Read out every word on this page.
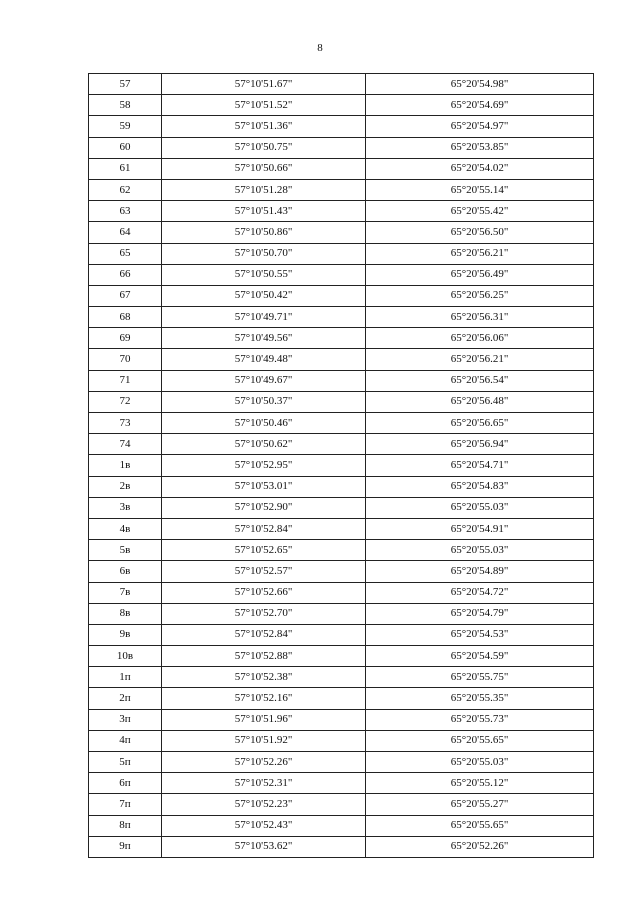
8
57	57°10'51.67"	65°20'54.98"
58	57°10'51.52"	65°20'54.69"
59	57°10'51.36"	65°20'54.97"
60	57°10'50.75"	65°20'53.85"
61	57°10'50.66"	65°20'54.02"
62	57°10'51.28"	65°20'55.14"
63	57°10'51.43"	65°20'55.42"
64	57°10'50.86"	65°20'56.50"
65	57°10'50.70"	65°20'56.21"
66	57°10'50.55"	65°20'56.49"
67	57°10'50.42"	65°20'56.25"
68	57°10'49.71"	65°20'56.31"
69	57°10'49.56"	65°20'56.06"
70	57°10'49.48"	65°20'56.21"
71	57°10'49.67"	65°20'56.54"
72	57°10'50.37"	65°20'56.48"
73	57°10'50.46"	65°20'56.65"
74	57°10'50.62"	65°20'56.94"
1в	57°10'52.95"	65°20'54.71"
2в	57°10'53.01"	65°20'54.83"
3в	57°10'52.90"	65°20'55.03"
4в	57°10'52.84"	65°20'54.91"
5в	57°10'52.65"	65°20'55.03"
6в	57°10'52.57"	65°20'54.89"
7в	57°10'52.66"	65°20'54.72"
8в	57°10'52.70"	65°20'54.79"
9в	57°10'52.84"	65°20'54.53"
10в	57°10'52.88"	65°20'54.59"
1п	57°10'52.38"	65°20'55.75"
2п	57°10'52.16"	65°20'55.35"
3п	57°10'51.96"	65°20'55.73"
4п	57°10'51.92"	65°20'55.65"
5п	57°10'52.26"	65°20'55.03"
6п	57°10'52.31"	65°20'55.12"
7п	57°10'52.23"	65°20'55.27"
8п	57°10'52.43"	65°20'55.65"
9п	57°10'53.62"	65°20'52.26"
